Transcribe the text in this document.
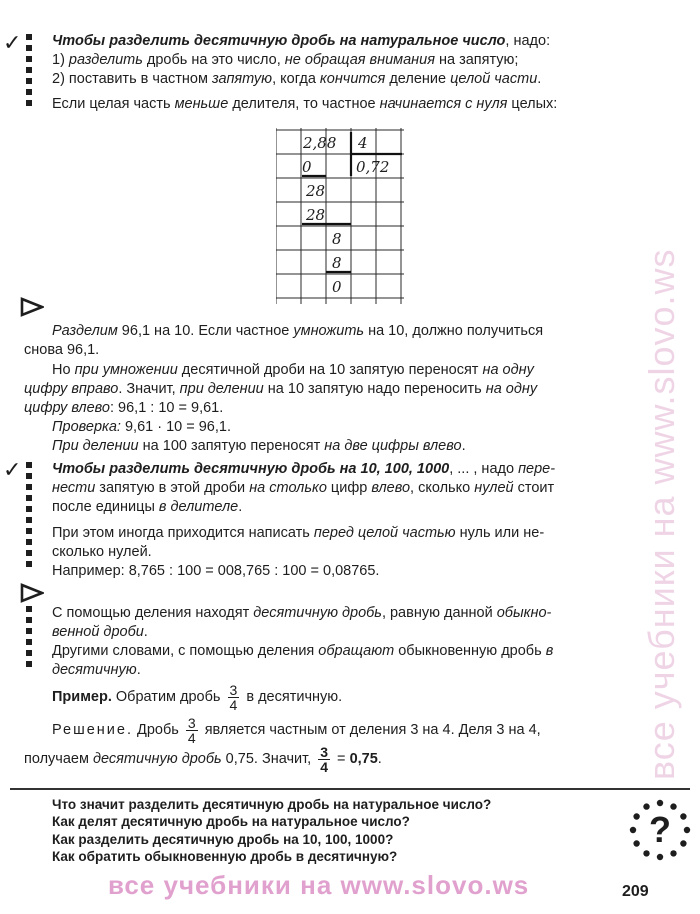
✓ Чтобы разделить десятичную дробь на натуральное число, надо:
1) разделить дробь на это число, не обращая внимания на запятую;
2) поставить в частном запятую, когда кончится деление целой части.
Если целая часть меньше делителя, то частное начинается с нуля целых:
2,88 4
0	0,72
28
28
8
8
0
Разделим 96,1 на 10. Если частное умножить на 10, должно получиться
снова 96,1.
Но при умножении десятичной дроби на 10 запятую переносят на одну
цифру вправо. Значит, при делении на 10 запятую надо переносить на одну
цифру влево: 96,1 : 10 = 9,61.
Проверка: 9,61 · 10 = 96,1.
При делении на 100 запятую переносят на две цифры влево.
✓ Чтобы разделить десятичную дробь на 10, 100, 1000, ... , надо пере-
нести запятую в этой дроби на столько цифр влево, сколько нулей стоит
после единицы в делителе.
При этом иногда приходится написать перед целой частью нуль или не-
сколько нулей.
Например: 8,765 : 100 = 008,765 : 100 = 0,08765.
С помощью деления находят десятичную дробь, равную данной обыкно-
венной дроби.
Другими словами, с помощью деления обращают обыкновенную дробь в
десятичную.
Пример. Обратим дробь $\frac{3}{4}$ в десятичную.
Решение. Дробь $\frac{3}{4}$ является частным от деления 3 на 4. Деля 3 на 4,
получаем десятичную дробь 0,75. Значит, $\frac{3}{4} = 0,75$.
Что значит разделить десятичную дробь на натуральное число?
Как делят десятичную дробь на натуральное число?
Как разделить десятичную дробь на 10, 100, 1000?
Как обратить обыкновенную дробь в десятичную?
?
все учебники на www.slovo.ws
все учебники на www.slovo.ws	209
